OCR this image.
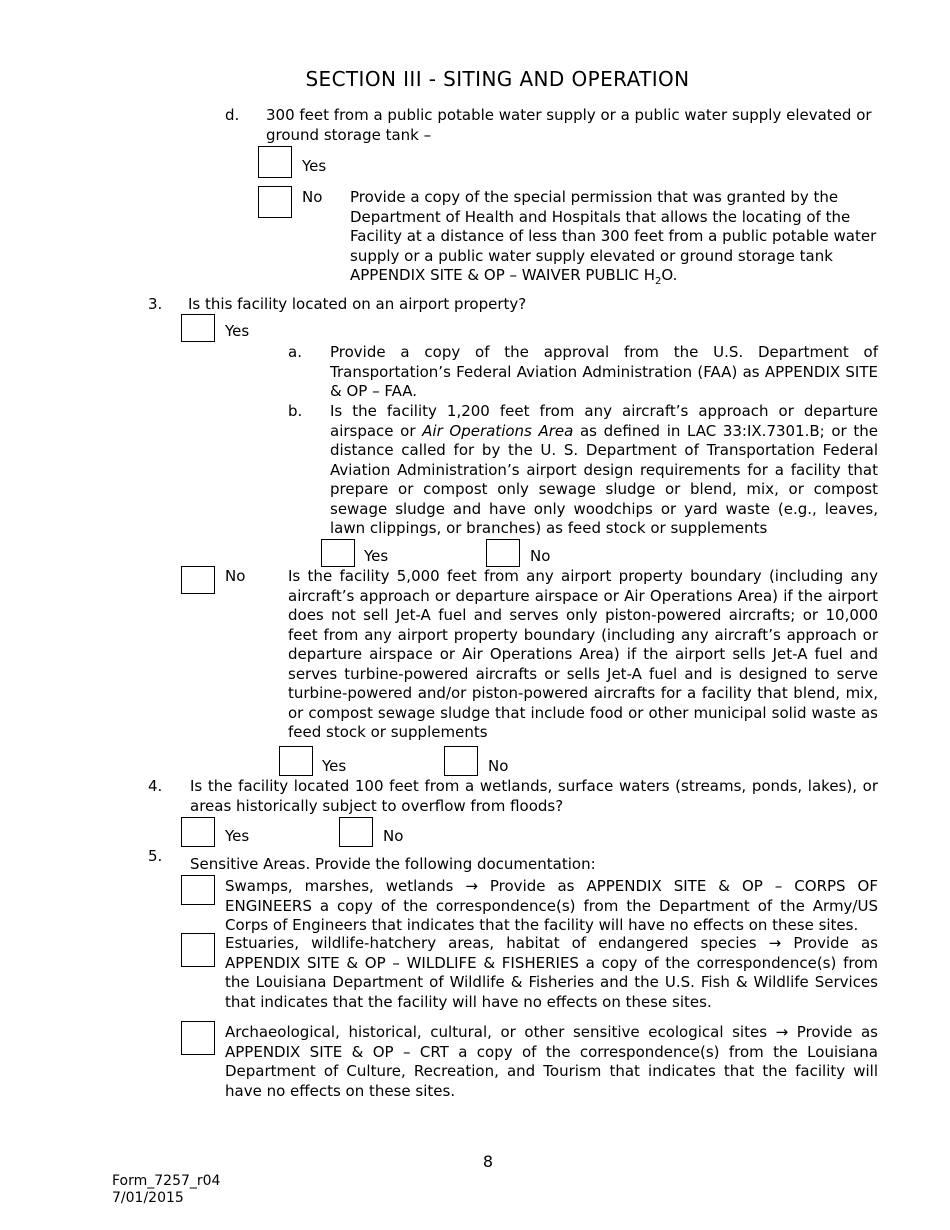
SECTION III - SITING AND OPERATION
d. 300 feet from a public potable water supply or a public water supply elevated or ground storage tank –
Yes
No Provide a copy of the special permission that was granted by the Department of Health and Hospitals that allows the locating of the Facility at a distance of less than 300 feet from a public potable water supply or a public water supply elevated or ground storage tank APPENDIX SITE & OP – WAIVER PUBLIC $H_2O$.
3. Is this facility located on an airport property?
Yes
a. Provide a copy of the approval from the U.S. Department of Transportation’s Federal Aviation Administration (FAA) as APPENDIX SITE & OP – FAA.
b. Is the facility 1,200 feet from any aircraft’s approach or departure airspace or Air Operations Area as defined in LAC 33:IX.7301.B; or the distance called for by the U. S. Department of Transportation Federal Aviation Administration’s airport design requirements for a facility that prepare or compost only sewage sludge or blend, mix, or compost sewage sludge and have only woodchips or yard waste (e.g., leaves, lawn clippings, or branches) as feed stock or supplements
Yes	No
No	Is the facility 5,000 feet from any airport property boundary (including any aircraft’s approach or departure airspace or Air Operations Area) if the airport does not sell Jet-A fuel and serves only piston-powered aircrafts; or 10,000 feet from any airport property boundary (including any aircraft’s approach or departure airspace or Air Operations Area) if the airport sells Jet-A fuel and serves turbine-powered aircrafts or sells Jet-A fuel and is designed to serve turbine-powered and/or piston-powered aircrafts for a facility that blend, mix, or compost sewage sludge that include food or other municipal solid waste as feed stock or supplements
Yes	No
4. Is the facility located 100 feet from a wetlands, surface waters (streams, ponds, lakes), or areas historically subject to overflow from floods?
Yes	No
5. Sensitive Areas. Provide the following documentation:
Swamps, marshes, wetlands → Provide as APPENDIX SITE & OP – CORPS OF ENGINEERS a copy of the correspondence(s) from the Department of the Army/US Corps of Engineers that indicates that the facility will have no effects on these sites.
Estuaries, wildlife-hatchery areas, habitat of endangered species → Provide as APPENDIX SITE & OP – WILDLIFE & FISHERIES a copy of the correspondence(s) from the Louisiana Department of Wildlife & Fisheries and the U.S. Fish & Wildlife Services that indicates that the facility will have no effects on these sites.
Archaeological, historical, cultural, or other sensitive ecological sites → Provide as APPENDIX SITE & OP – CRT a copy of the correspondence(s) from the Louisiana Department of Culture, Recreation, and Tourism that indicates that the facility will have no effects on these sites.
8
Form_7257_r04
7/01/2015
